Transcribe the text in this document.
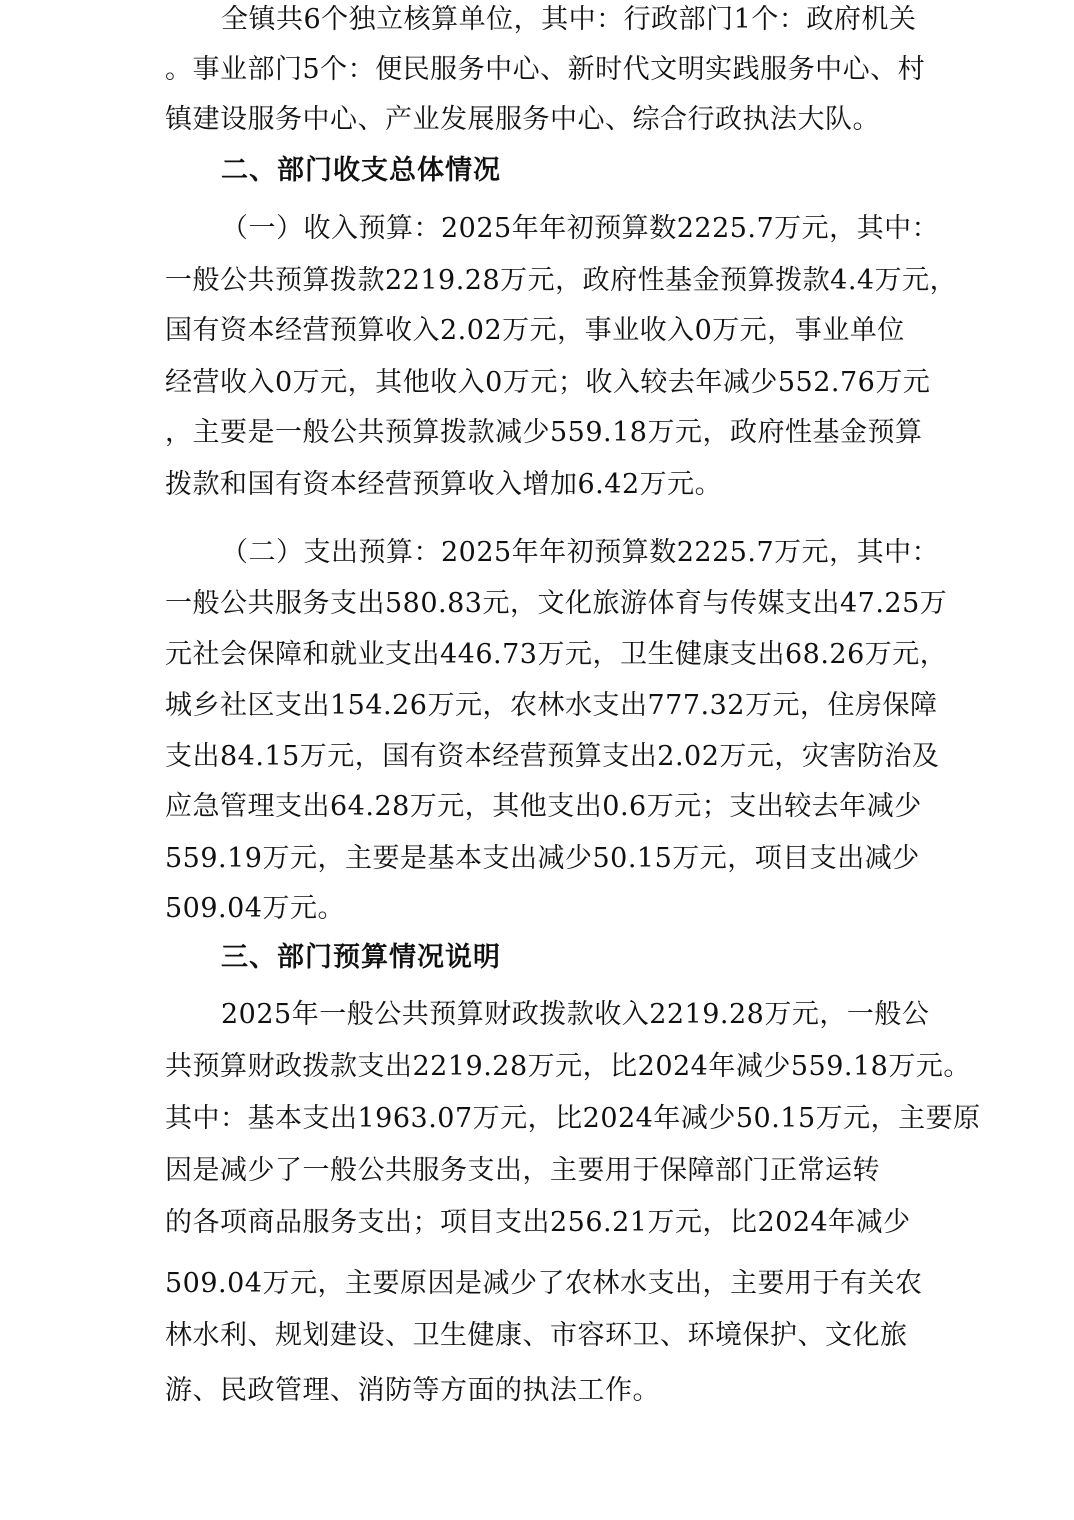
全镇共6个独立核算单位，其中：行政部门1个：政府机关
。事业部门5个：便民服务中心、新时代文明实践服务中心、村
镇建设服务中心、产业发展服务中心、综合行政执法大队。
二、部门收支总体情况
（一）收入预算：2025年年初预算数2225.7万元，其中：
一般公共预算拨款2219.28万元，政府性基金预算拨款4.4万元，
国有资本经营预算收入2.02万元，事业收入0万元，事业单位
经营收入0万元，其他收入0万元；收入较去年减少552.76万元
，主要是一般公共预算拨款减少559.18万元，政府性基金预算
拨款和国有资本经营预算收入增加6.42万元。
（二）支出预算：2025年年初预算数2225.7万元，其中：
一般公共服务支出580.83元，文化旅游体育与传媒支出47.25万
元社会保障和就业支出446.73万元，卫生健康支出68.26万元，
城乡社区支出154.26万元，农林水支出777.32万元，住房保障
支出84.15万元，国有资本经营预算支出2.02万元，灾害防治及
应急管理支出64.28万元，其他支出0.6万元；支出较去年减少
559.19万元，主要是基本支出减少50.15万元，项目支出减少
509.04万元。
三、部门预算情况说明
2025年一般公共预算财政拨款收入2219.28万元，一般公
共预算财政拨款支出2219.28万元，比2024年减少559.18万元。
其中：基本支出1963.07万元，比2024年减少50.15万元，主要原
因是减少了一般公共服务支出，主要用于保障部门正常运转
的各项商品服务支出；项目支出256.21万元，比2024年减少
509.04万元，主要原因是减少了农林水支出，主要用于有关农
林水利、规划建设、卫生健康、市容环卫、环境保护、文化旅
游、民政管理、消防等方面的执法工作。
